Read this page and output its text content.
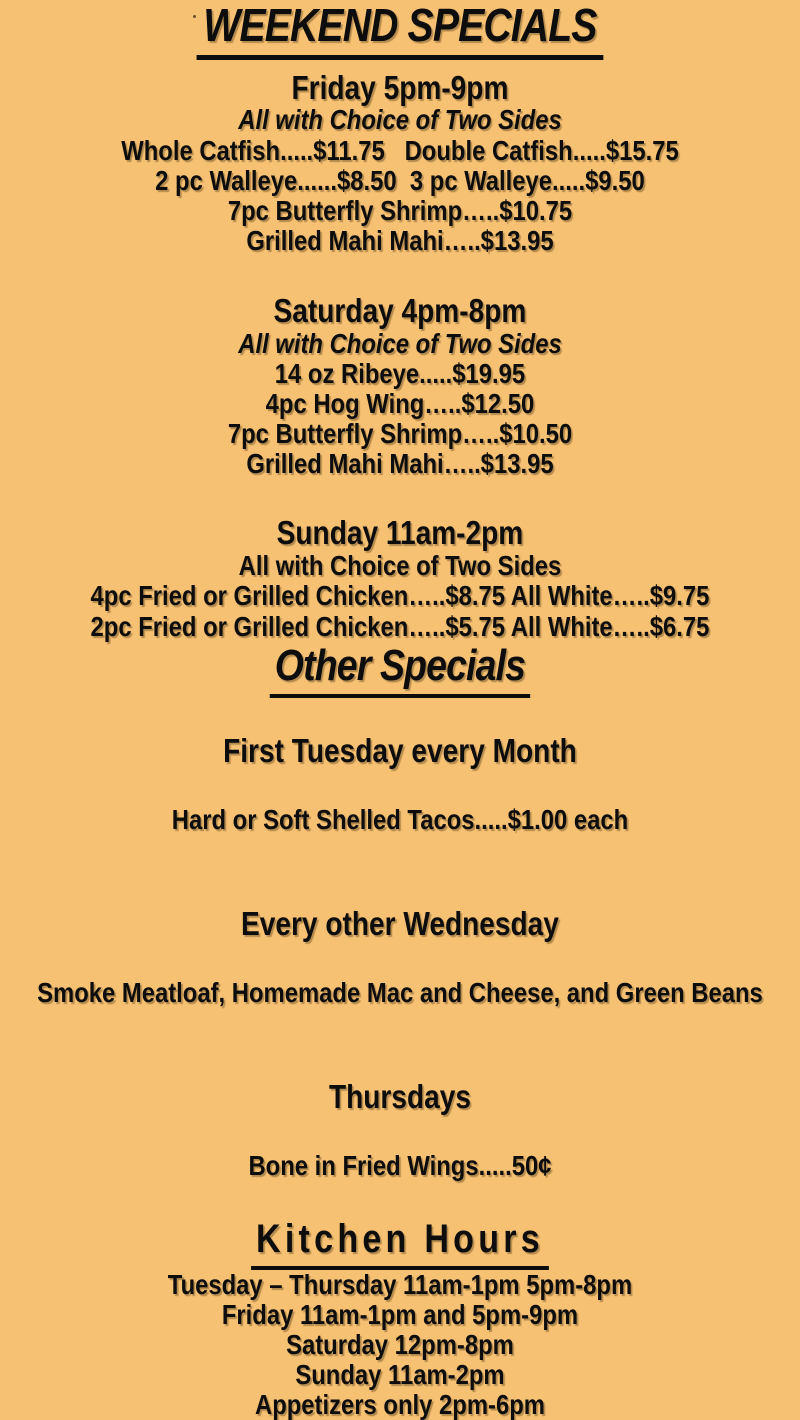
WEEKEND SPECIALS
Friday 5pm-9pm
All with Choice of Two Sides
Whole Catfish.....$11.75   Double Catfish.....$15.75
2 pc Walleye......$8.50  3 pc Walleye.....$9.50
7pc Butterfly Shrimp…..$10.75
Grilled Mahi Mahi…..$13.95
Saturday 4pm-8pm
All with Choice of Two Sides
14 oz Ribeye.....$19.95
4pc Hog Wing…..$12.50
7pc Butterfly Shrimp…..$10.50
Grilled Mahi Mahi…..$13.95
Sunday 11am-2pm
All with Choice of Two Sides
4pc Fried or Grilled Chicken…..$8.75 All White…..$9.75
2pc Fried or Grilled Chicken…..$5.75 All White…..$6.75
Other Specials

First Tuesday every Month

Hard or Soft Shelled Tacos.....$1.00 each

Every other Wednesday

Smoke Meatloaf, Homemade Mac and Cheese, and Green Beans

Thursdays

Bone in Fried Wings.....50¢

Kitchen Hours
Tuesday – Thursday 11am-1pm 5pm-8pm
Friday 11am-1pm and 5pm-9pm
Saturday 12pm-8pm
Sunday 11am-2pm
Appetizers only 2pm-6pm
